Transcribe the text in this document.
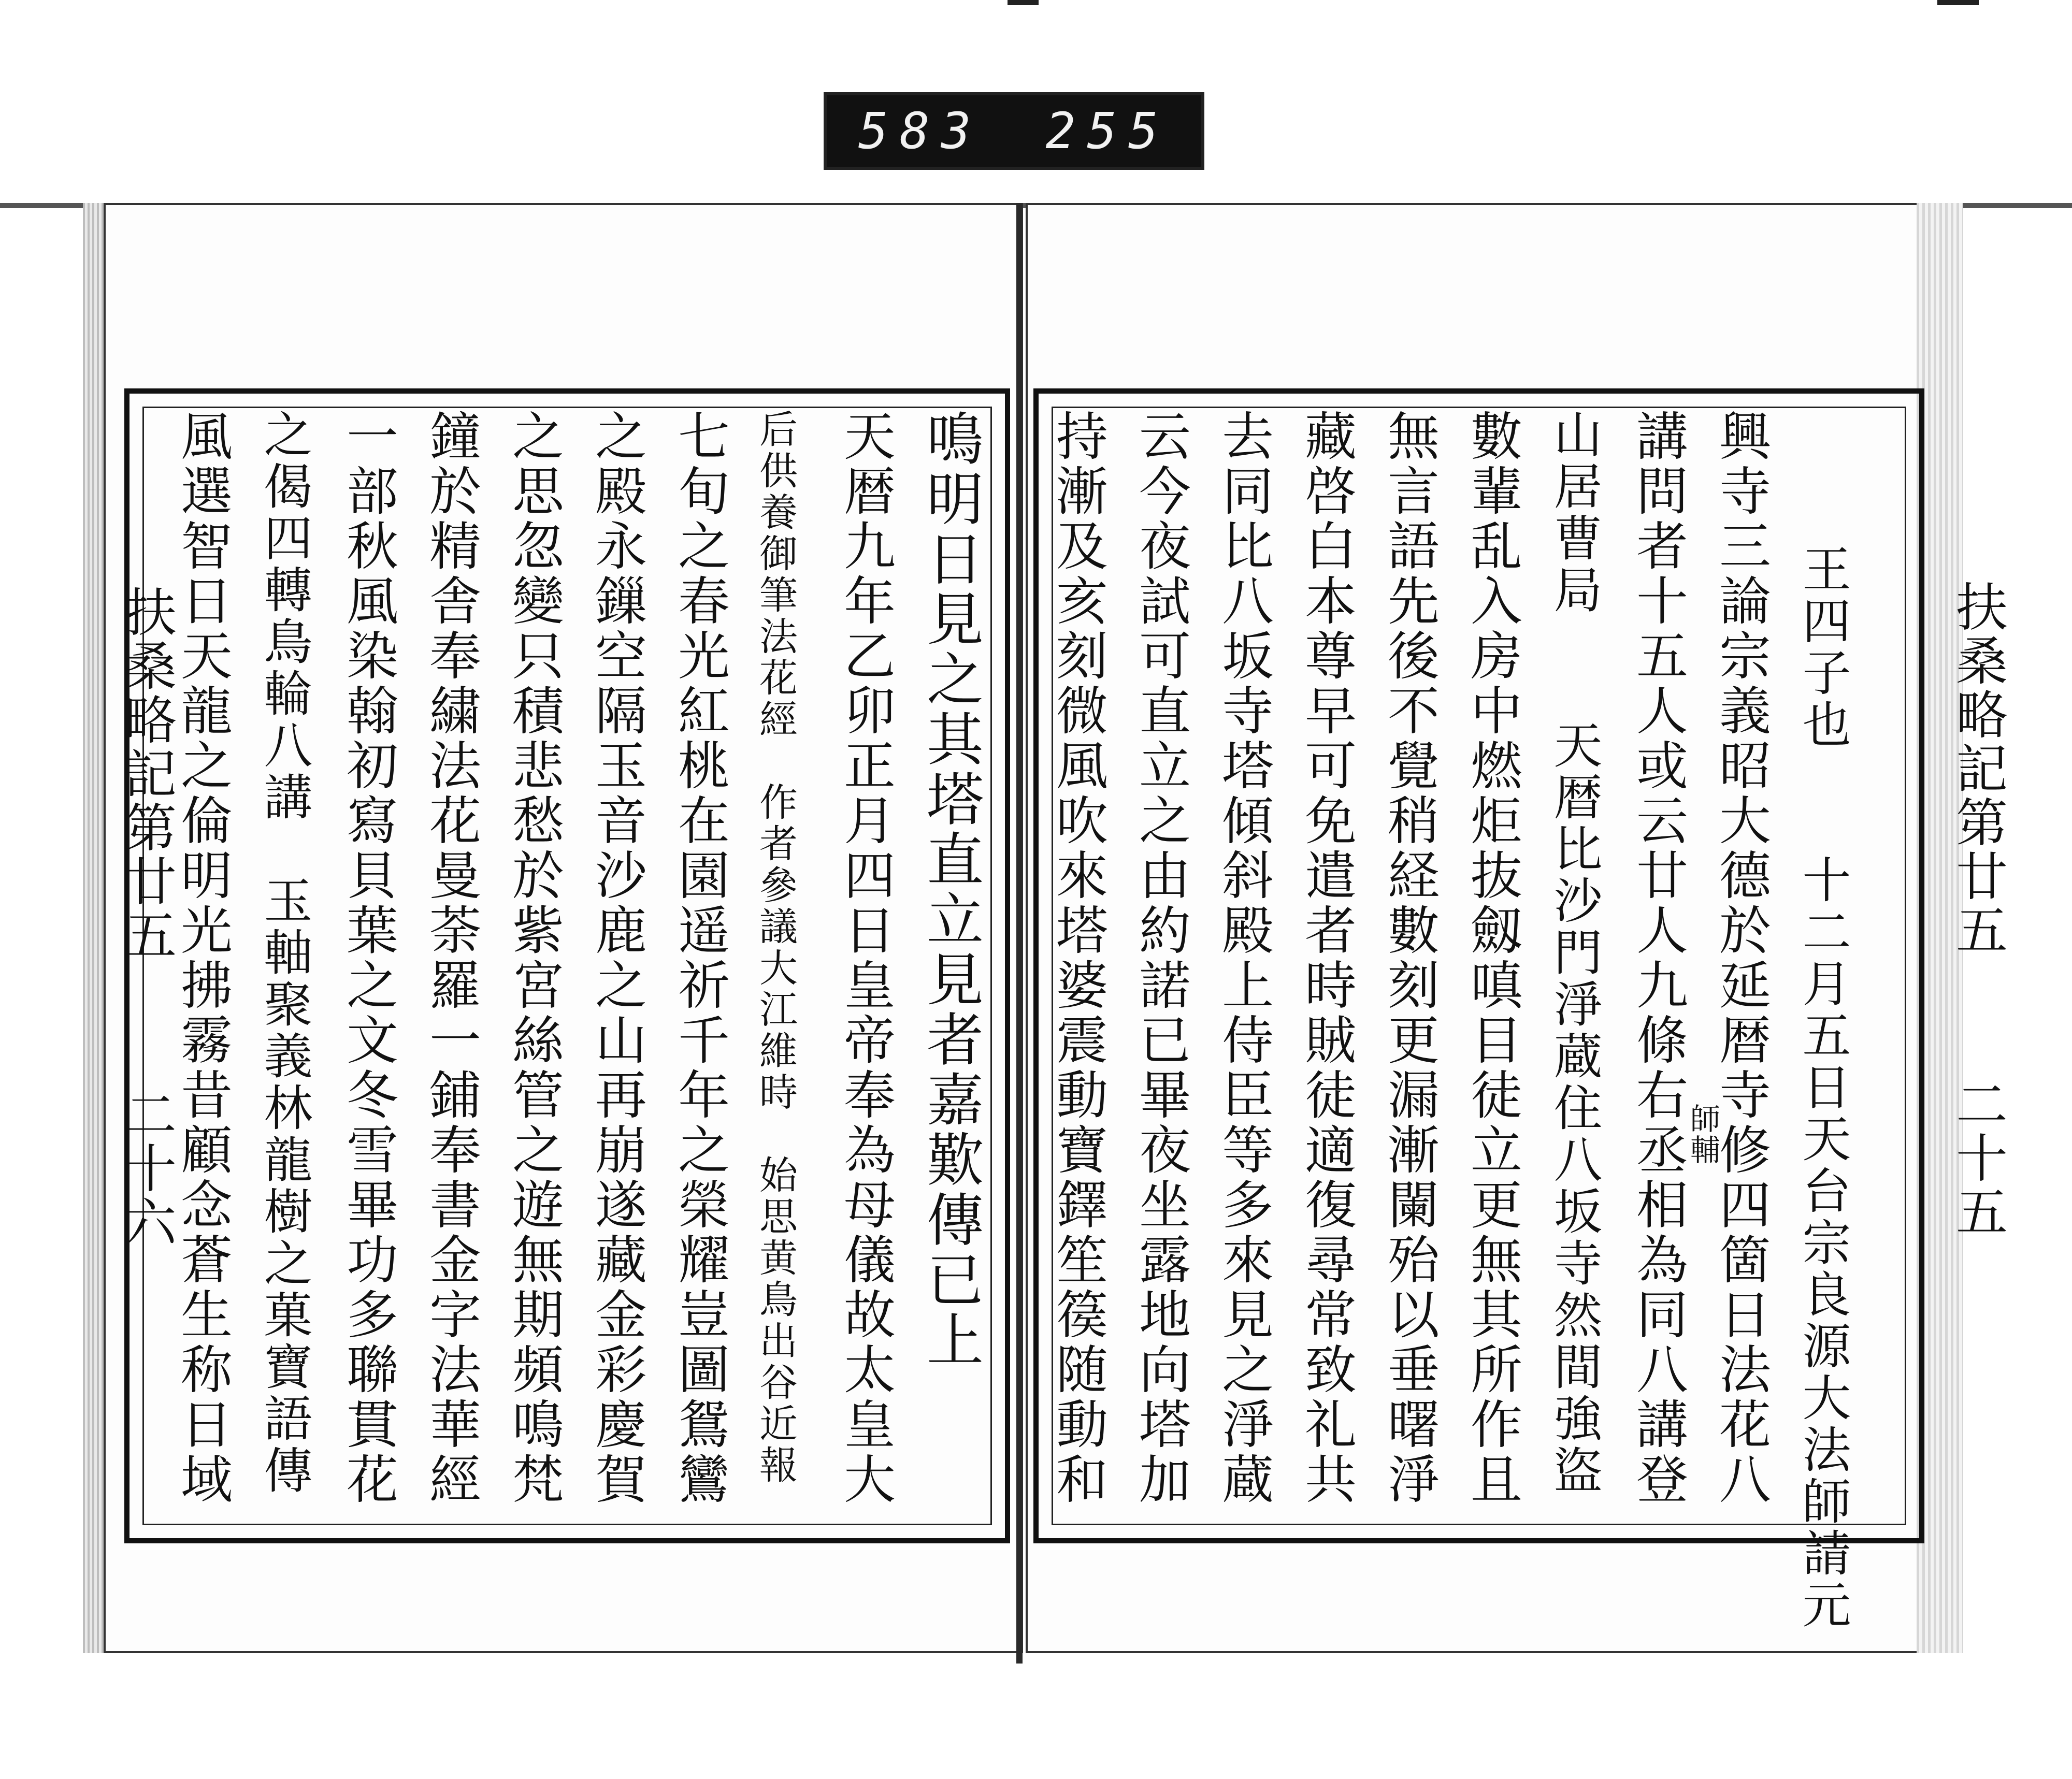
583 255
扶桑略記第廿五
二十五
王四子也　　十二月五日天台宗良源大法師請元
興寺三論宗義昭大德於延暦寺修四箇日法花八
講問者十五人或云廿人九條右丞相為同八講登
山居曹局　　天暦比沙門淨蔵住八坂寺然間強盜
數輩乱入房中燃炬抜劔嗔目徒立更無其所作且
無言語先後不覺稍経數刻更漏漸闌殆以垂曙淨
藏啓白本尊早可免遣者時賊徒適復尋常致礼共
去同比八坂寺塔傾斜殿上侍臣等多來見之淨蔵
云今夜試可直立之由約諾已畢夜坐露地向塔加
持漸及亥刻微風吹來塔婆震動寶鐸笙篌随動和	師輔
扶桑略記第廿五
二十六	鳴明日見之其塔直立見者嘉歎傳已上
天暦九年乙卯正月四日皇帝奉為母儀故太皇大
后供養御筆法花經　作者參議大江維時　始思黄鳥出谷近報
七旬之春光紅桃在園遥祈千年之榮耀豈圖鴛鸞
之殿永鏁空隔玉音沙鹿之山再崩遂藏金彩慶賀
之思忽變只積悲愁於紫宮絲管之遊無期頻鳴梵
鐘於精舎奉繍法花曼荼羅一鋪奉書金字法華經
一部秋風染翰初寫貝葉之文冬雪畢功多聯貫花
之偈四轉鳥輪八講　玉軸聚義林龍樹之菓寶語傳
風選智日天龍之倫明光拂霧昔顧念蒼生称日域
